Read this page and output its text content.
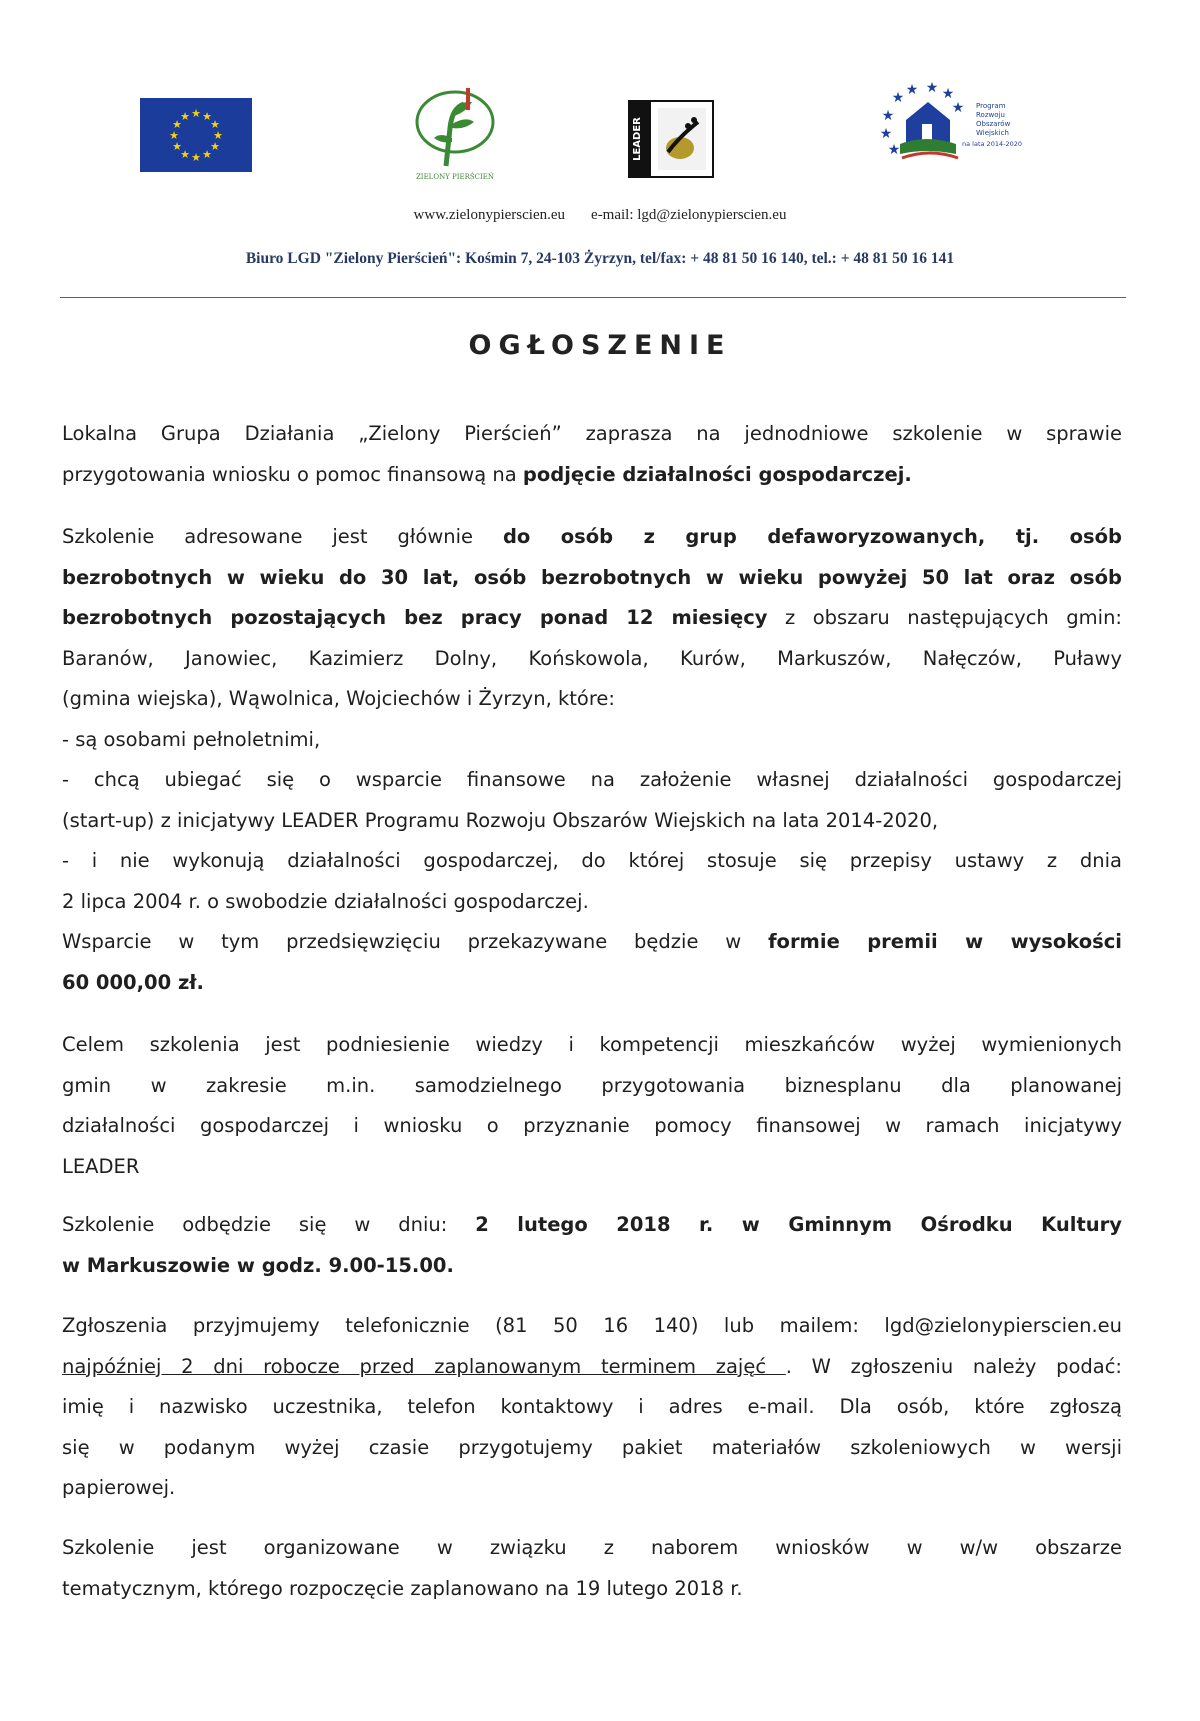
★ ★
★
★
★
★
★
★
★
★
★
★
ZIELONY PIERŚCIEŃ
LEADER
★ ★ ★ ★
★
★
★
★
Program
Rozwoju
Obszarów
Wiejskich
na lata 2014-2020
www.zielonypierscien.eu e-mail: lgd@zielonypierscien.eu
Biuro LGD "Zielony Pierścień": Kośmin 7, 24-103 Żyrzyn, tel/fax: + 48 81 50 16 140, tel.: + 48 81 50 16 141
OGŁOSZENIE
Lokalna Grupa Działania „Zielony Pierścień” zaprasza na jednodniowe szkolenie w sprawie
przygotowania wniosku o pomoc finansową na podjęcie działalności gospodarczej.
Szkolenie adresowane jest głównie do osób z grup defaworyzowanych, tj. osób
bezrobotnych w wieku do 30 lat, osób bezrobotnych w wieku powyżej 50 lat oraz osób
bezrobotnych pozostających bez pracy ponad 12 miesięcy z obszaru następujących gmin:
Baranów, Janowiec, Kazimierz Dolny, Końskowola, Kurów, Markuszów, Nałęczów, Puławy
(gmina wiejska), Wąwolnica, Wojciechów i Żyrzyn, które:
- są osobami pełnoletnimi,
- chcą ubiegać się o wsparcie finansowe na założenie własnej działalności gospodarczej
(start-up) z inicjatywy LEADER Programu Rozwoju Obszarów Wiejskich na lata 2014-2020,
- i nie wykonują działalności gospodarczej, do której stosuje się przepisy ustawy z dnia
2 lipca 2004 r. o swobodzie działalności gospodarczej.
Wsparcie w tym przedsięwzięciu przekazywane będzie w formie premii w wysokości
60 000,00 zł.
Celem szkolenia jest podniesienie wiedzy i kompetencji mieszkańców wyżej wymienionych
gmin w zakresie m.in. samodzielnego przygotowania biznesplanu dla planowanej
działalności gospodarczej i wniosku o przyznanie pomocy finansowej w ramach inicjatywy
LEADER
Szkolenie odbędzie się w dniu: 2 lutego 2018 r. w Gminnym Ośrodku Kultury
w Markuszowie w godz. 9.00-15.00.
Zgłoszenia przyjmujemy telefonicznie (81 50 16 140) lub mailem: lgd@zielonypierscien.eu
najpóźniej 2 dni robocze przed zaplanowanym terminem zajęć . W zgłoszeniu należy podać:
imię i nazwisko uczestnika, telefon kontaktowy i adres e-mail. Dla osób, które zgłoszą
się w podanym wyżej czasie przygotujemy pakiet materiałów szkoleniowych w wersji
papierowej.
Szkolenie jest organizowane w związku z naborem wniosków w w/w obszarze
tematycznym, którego rozpoczęcie zaplanowano na 19 lutego 2018 r.
